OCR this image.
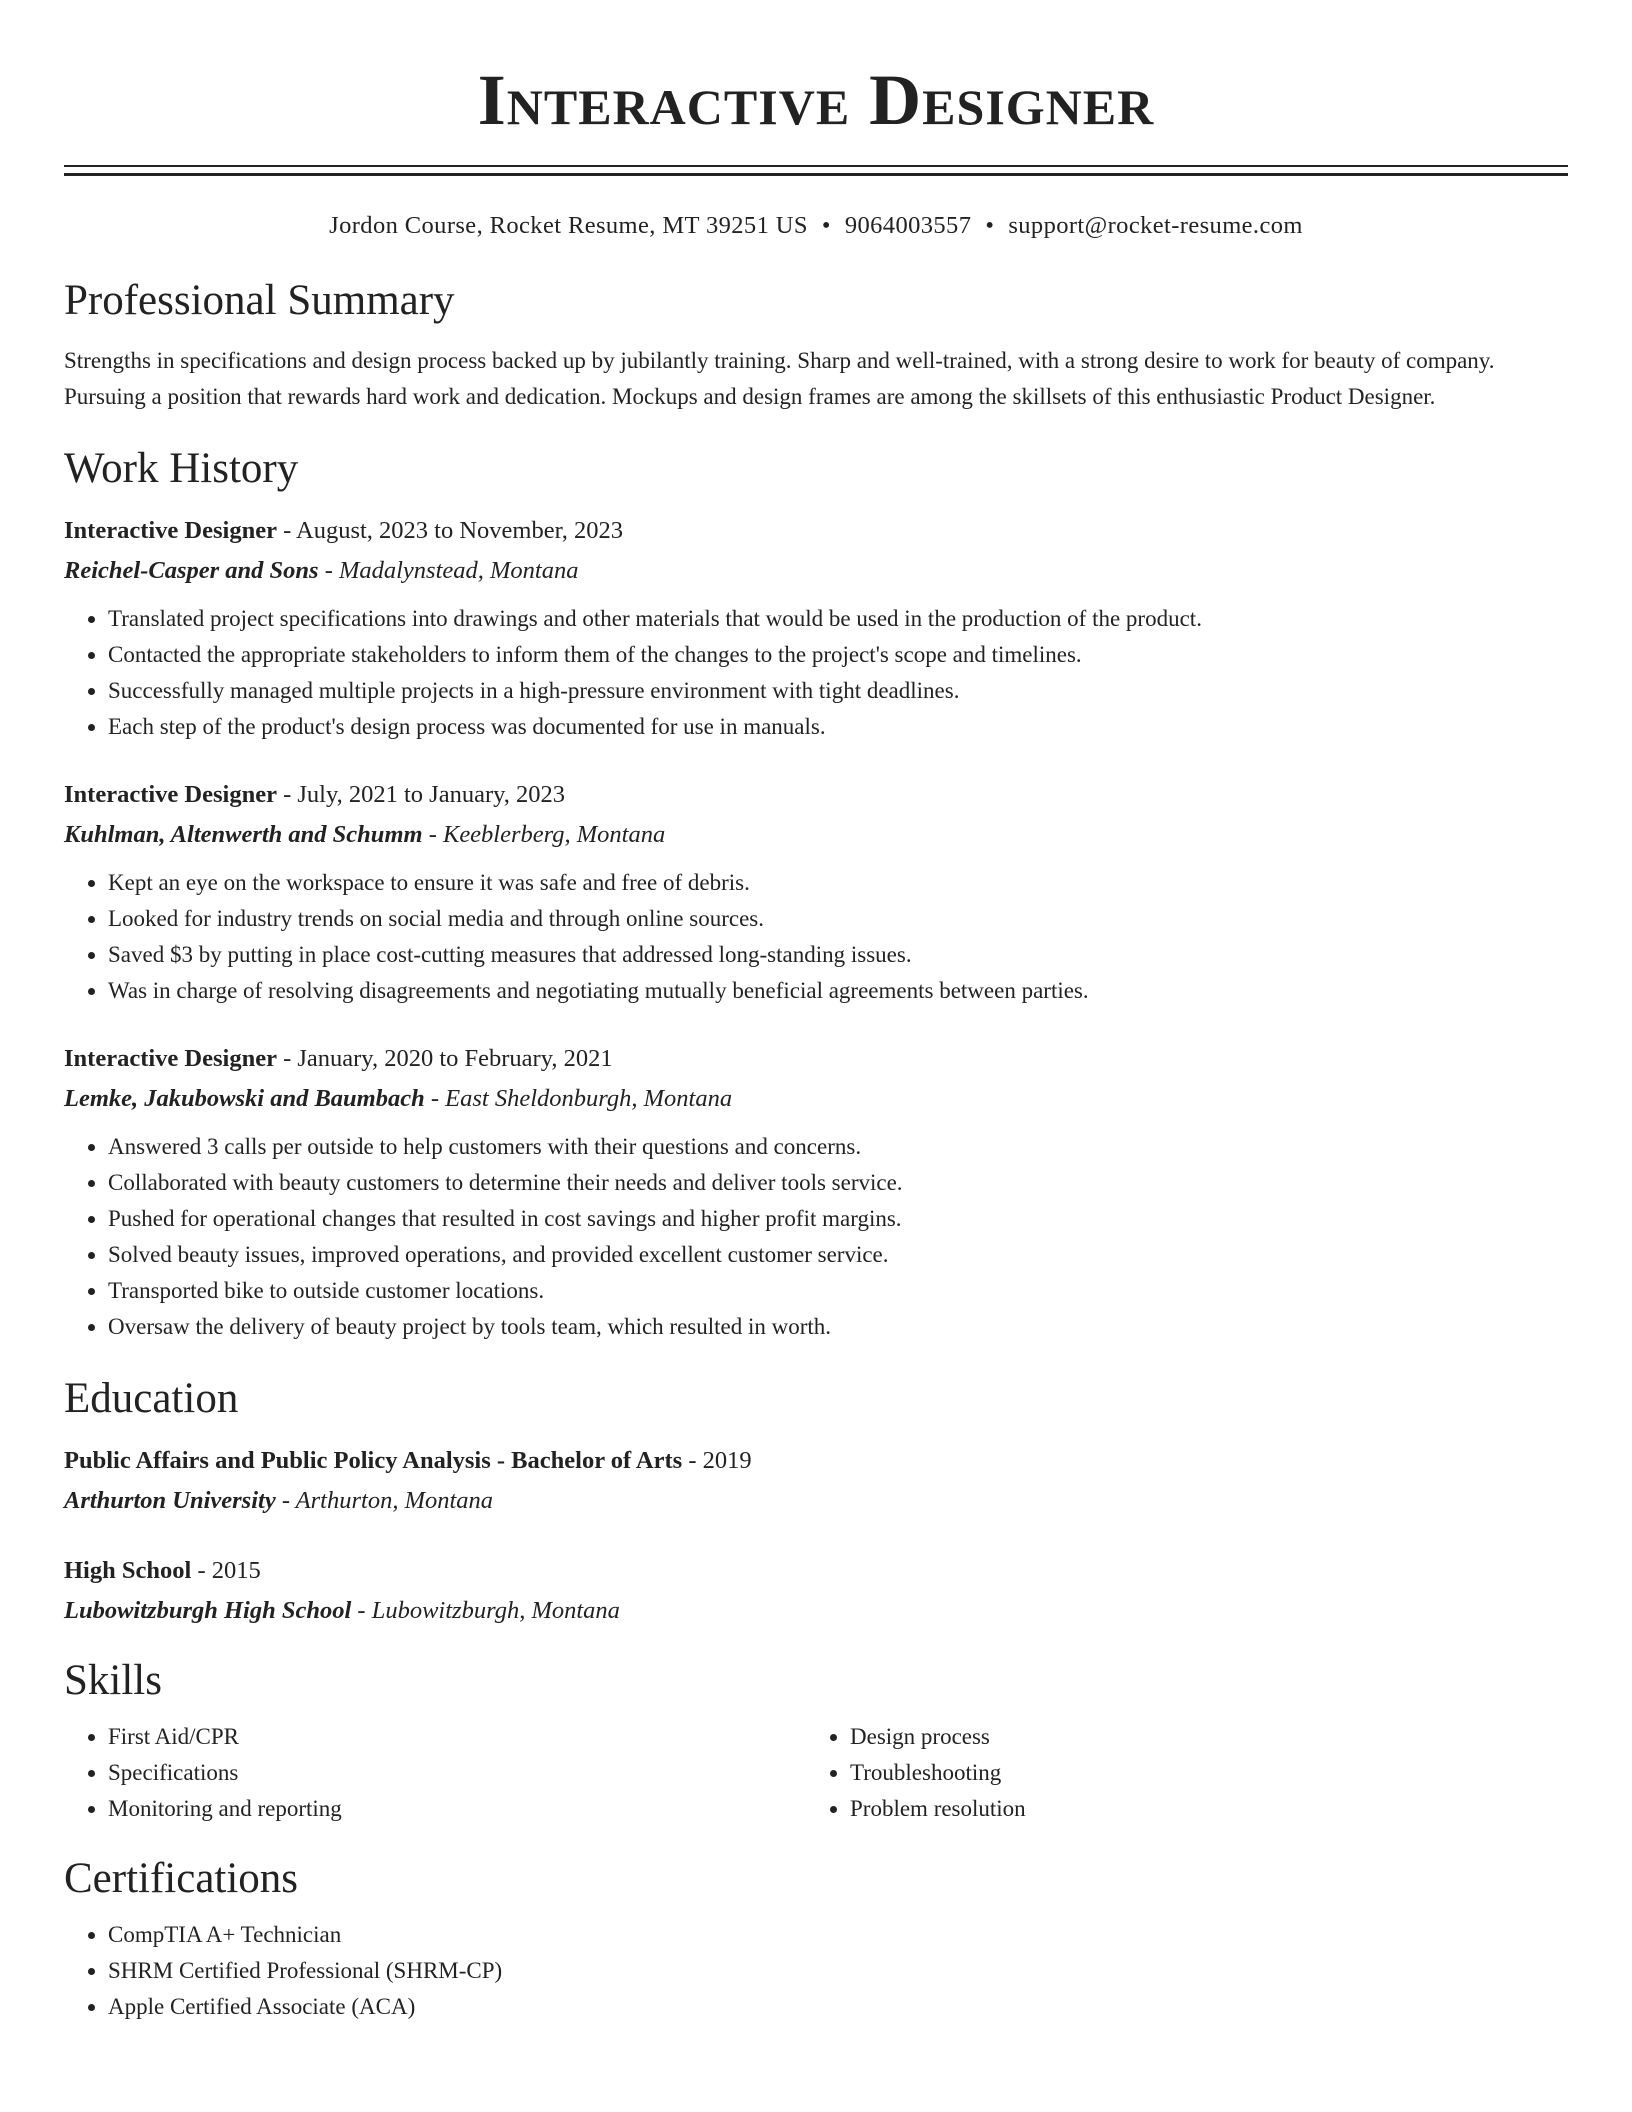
Interactive Designer
Jordon Course, Rocket Resume, MT 39251 US • 9064003557 • support@rocket-resume.com
Professional Summary

Strengths in specifications and design process backed up by jubilantly training. Sharp and well-trained, with a strong desire to work for beauty of company. Pursuing a position that rewards hard work and dedication. Mockups and design frames are among the skillsets of this enthusiastic Product Designer.

Work History

Interactive Designer - August, 2023 to November, 2023

Reichel-Casper and Sons - Madalynstead, Montana

• Translated project specifications into drawings and other materials that would be used in the production of the product.
• Contacted the appropriate stakeholders to inform them of the changes to the project's scope and timelines.
• Successfully managed multiple projects in a high-pressure environment with tight deadlines.
• Each step of the product's design process was documented for use in manuals.

Interactive Designer - July, 2021 to January, 2023

Kuhlman, Altenwerth and Schumm - Keeblerberg, Montana

• Kept an eye on the workspace to ensure it was safe and free of debris.
• Looked for industry trends on social media and through online sources.
• Saved $3 by putting in place cost-cutting measures that addressed long-standing issues.
• Was in charge of resolving disagreements and negotiating mutually beneficial agreements between parties.

Interactive Designer - January, 2020 to February, 2021

Lemke, Jakubowski and Baumbach - East Sheldonburgh, Montana

• Answered 3 calls per outside to help customers with their questions and concerns.
• Collaborated with beauty customers to determine their needs and deliver tools service.
• Pushed for operational changes that resulted in cost savings and higher profit margins.
• Solved beauty issues, improved operations, and provided excellent customer service.
• Transported bike to outside customer locations.
• Oversaw the delivery of beauty project by tools team, which resulted in worth.
Education

Public Affairs and Public Policy Analysis - Bachelor of Arts - 2019

Arthurton University - Arthurton, Montana

High School - 2015

Lubowitzburgh High School - Lubowitzburgh, Montana

Skills
• First Aid/CPR
• Specifications
• Monitoring and reporting
• Design process
• Troubleshooting
• Problem resolution
Certifications
• CompTIA A+ Technician
• SHRM Certified Professional (SHRM-CP)
• Apple Certified Associate (ACA)
